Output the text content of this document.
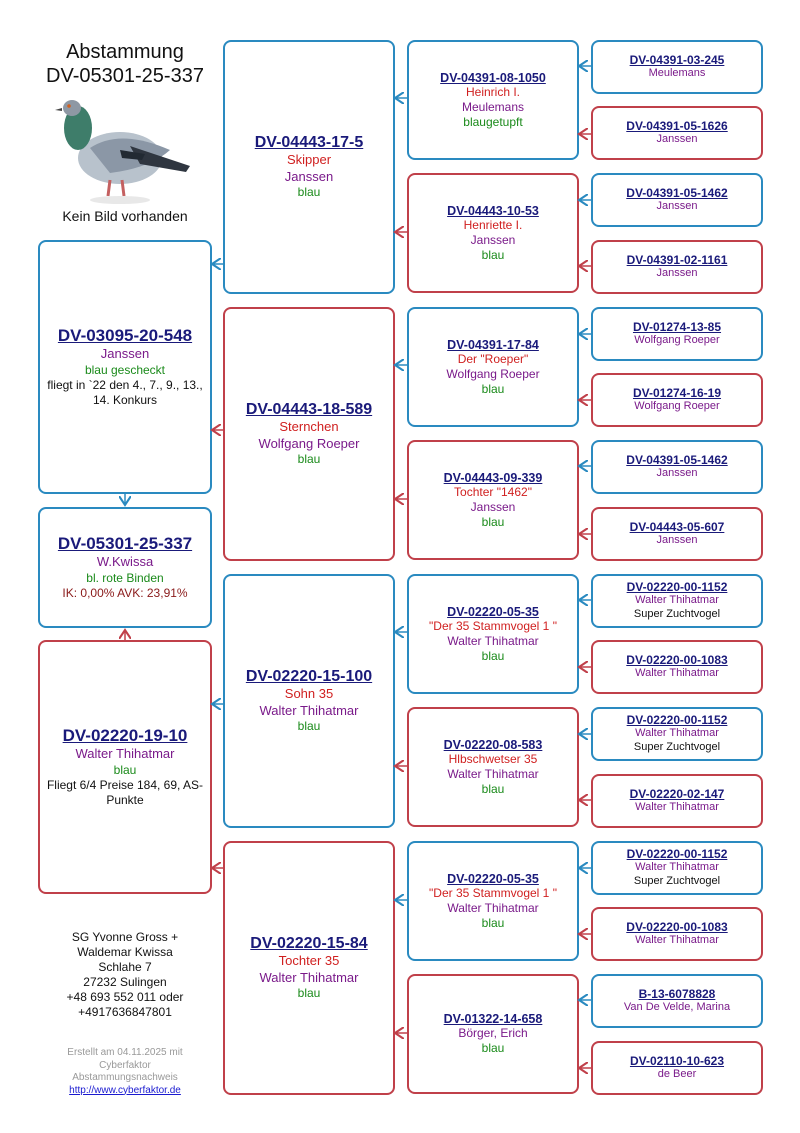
Abstammung
DV-05301-25-337
Kein Bild vorhanden
DV-03095-20-548
Janssen
blau gescheckt
fliegt in `22 den 4., 7., 9., 13., 14. Konkurs
DV-05301-25-337
W.Kwissa
bl. rote Binden
IK: 0,00% AVK: 23,91%
DV-02220-19-10
Walter Thihatmar
blau
Fliegt 6/4 Preise 184, 69, AS-Punkte
DV-04443-17-5
Skipper
Janssen
blau
DV-04443-18-589
Sternchen
Wolfgang Roeper
blau
DV-02220-15-100
Sohn 35
Walter Thihatmar
blau
DV-02220-15-84
Tochter 35
Walter Thihatmar
blau
DV-04391-08-1050
Heinrich I.
Meulemans
blaugetupft
DV-04443-10-53
Henriette I.
Janssen
blau
DV-04391-17-84
Der "Roeper"
Wolfgang Roeper
blau
DV-04443-09-339
Tochter "1462"
Janssen
blau
DV-02220-05-35
"Der 35 Stammvogel 1 "
Walter Thihatmar
blau
DV-02220-08-583
Hlbschwetser 35
Walter Thihatmar
blau
DV-02220-05-35
"Der 35 Stammvogel 1 "
Walter Thihatmar
blau
DV-01322-14-658
Börger, Erich
blau
DV-04391-03-245
Meulemans
DV-04391-05-1626
Janssen
DV-04391-05-1462
Janssen
DV-04391-02-1161
Janssen
DV-01274-13-85
Wolfgang Roeper
DV-01274-16-19
Wolfgang Roeper
DV-04391-05-1462
Janssen
DV-04443-05-607
Janssen
DV-02220-00-1152
Walter Thihatmar
Super Zuchtvogel
DV-02220-00-1083
Walter Thihatmar
DV-02220-00-1152
Walter Thihatmar
Super Zuchtvogel
DV-02220-02-147
Walter Thihatmar
DV-02220-00-1152
Walter Thihatmar
Super Zuchtvogel
DV-02220-00-1083
Walter Thihatmar
B-13-6078828
Van De Velde, Marina
DV-02110-10-623
de Beer
SG Yvonne Gross +
Waldemar Kwissa
Schlahe 7
27232 Sulingen
+48 693 552 011 oder
+4917636847801
Erstellt am 04.11.2025 mit
Cyberfaktor
Abstammungsnachweis
http://www.cyberfaktor.de
